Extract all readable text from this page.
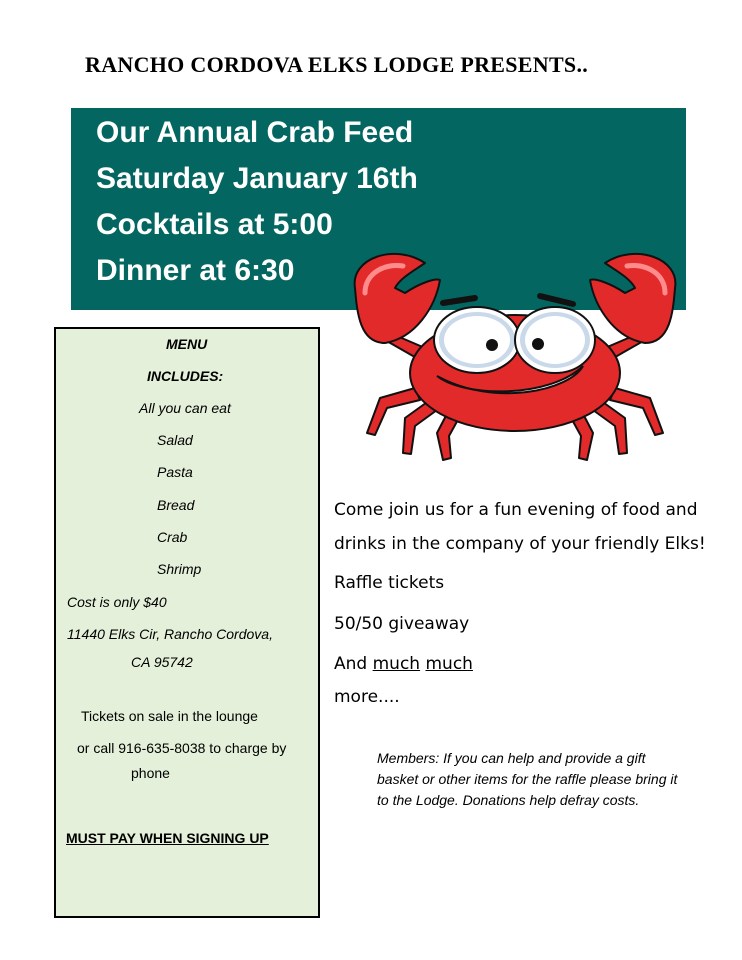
RANCHO CORDOVA ELKS LODGE PRESENTS..
Our Annual Crab Feed
Saturday January 16th
Cocktails at 5:00
Dinner at 6:30
MENU
INCLUDES:
All you can eat
Salad
Pasta
Bread
Crab
Shrimp
Cost is only $40
11440 Elks Cir, Rancho Cordova,
CA 95742
Tickets on sale in the lounge
or call 916-635-8038 to charge by
phone
MUST PAY WHEN SIGNING UP
Come join us for a fun evening of food and
drinks in the company of your friendly Elks!
Raffle tickets
50/50 giveaway
And much much
more....
Members: If you can help and provide a gift basket or other items for the raffle please bring it to the Lodge. Donations help defray costs.
